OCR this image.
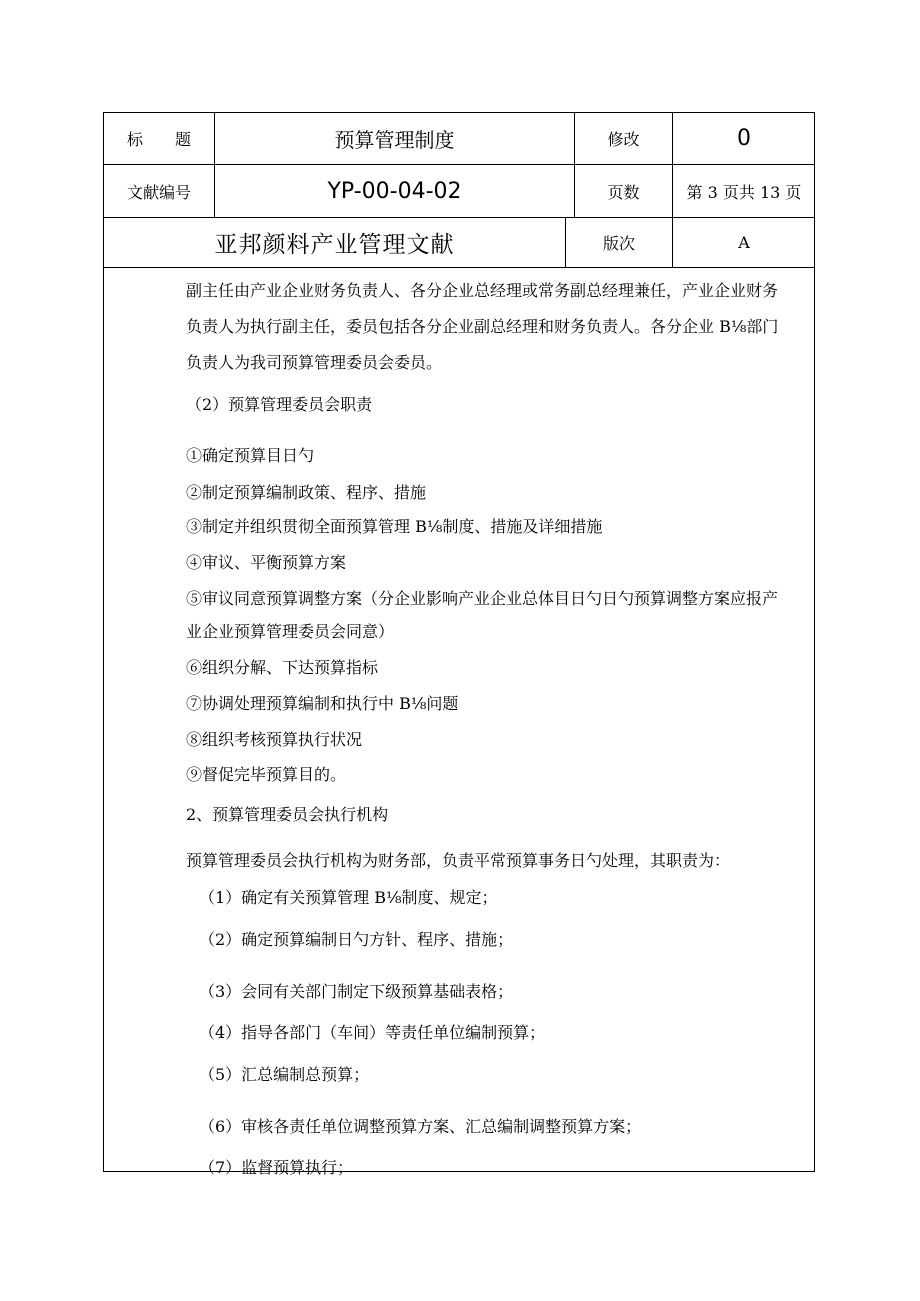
标　　题	预算管理制度	修改	0
文献编号	YP-00-04-02	页数	第 3 页共 13 页
亚邦颜料产业管理文献	版次	A
副主任由产业企业财务负责人、各分企业总经理或常务副总经理兼任，产业企业财务
负责人为执行副主任，委员包括各分企业副总经理和财务负责人。各分企业 B⅛部门
负责人为我司预算管理委员会委员。
（2）预算管理委员会职责
①确定预算目日勺
②制定预算编制政策、程序、措施
③制定并组织贯彻全面预算管理 B⅛制度、措施及详细措施
④审议、平衡预算方案
⑤审议同意预算调整方案（分企业影响产业企业总体目日勺日勺预算调整方案应报产
业企业预算管理委员会同意）
⑥组织分解、下达预算指标
⑦协调处理预算编制和执行中 B⅛问题
⑧组织考核预算执行状况
⑨督促完毕预算目的。
2、预算管理委员会执行机构
预算管理委员会执行机构为财务部，负责平常预算事务日勺处理，其职责为：
（1）确定有关预算管理 B⅛制度、规定；
（2）确定预算编制日勺方针、程序、措施；
（3）会同有关部门制定下级预算基础表格；
（4）指导各部门（车间）等责任单位编制预算；
（5）汇总编制总预算；
（6）审核各责任单位调整预算方案、汇总编制调整预算方案；
（7）监督预算执行；
